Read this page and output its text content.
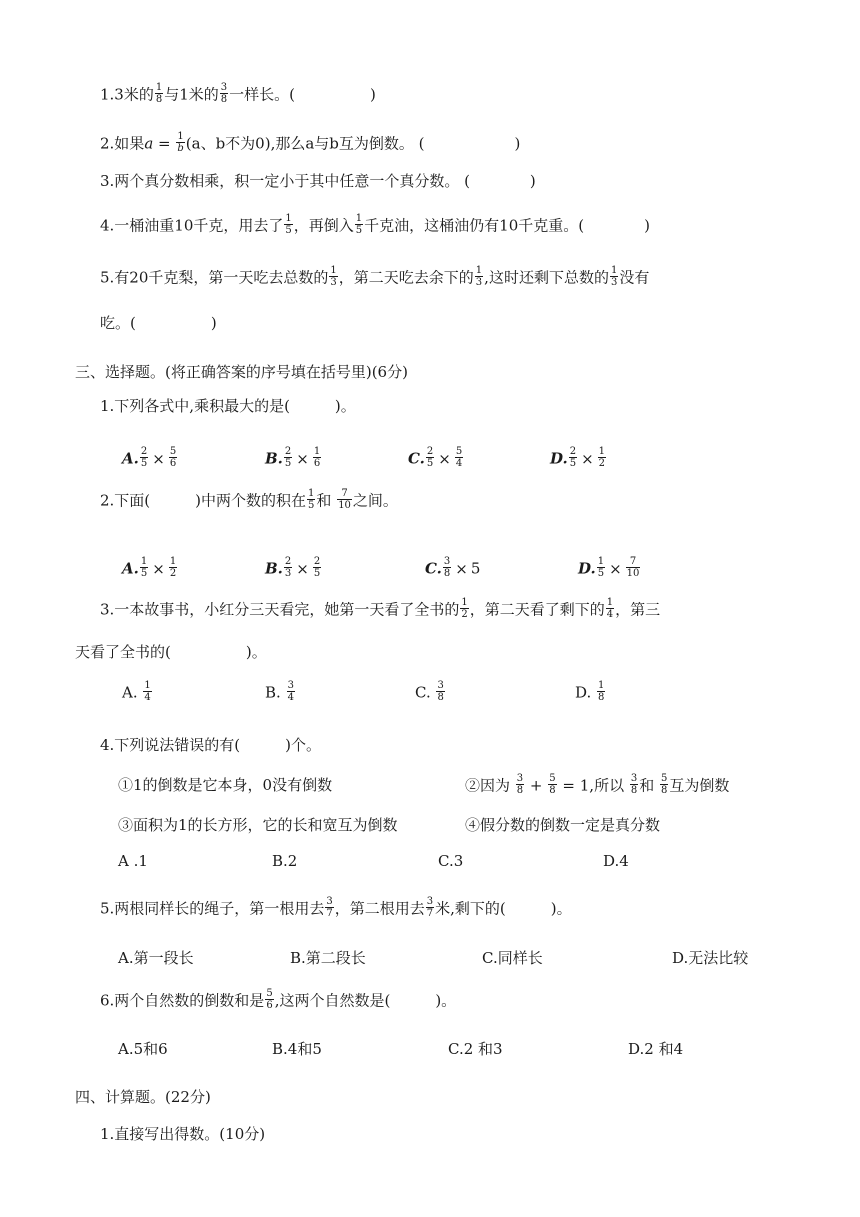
1.3米的 $\frac{1}{8}$ 与1米的 $\frac{3}{8}$ 一样长。(　　　　　)
2.如果$a = \frac{1}{b} (a$、b不为0),那么a与b互为倒数。 (　　　　　　)
3.两个真分数相乘，积一定小于其中任意一个真分数。 (　　　　)
4.一桶油重10千克，用去了 $\frac{1}{5}$ ，再倒入 $\frac{1}{5}$ 千克油，这桶油仍有10千克重。(　　　　)
5.有20千克梨，第一天吃去总数的 $\frac{1}{3}$ ，第二天吃去余下的 $\frac{1}{3}$ ,这时还剩下总数的 $\frac{1}{3}$ 没有
吃。(　　　　　)
三、选择题。(将正确答案的序号填在括号里)(6分)
1.下列各式中,乘积最大的是(　　　)。
A. $\frac{2}{5} \times \frac{5}{6}$	B. $\frac{2}{5} \times \frac{1}{6}$	C. $\frac{2}{5} \times \frac{5}{4}$	D. $\frac{2}{5} \times \frac{1}{2}$
2.下面(　　　)中两个数的积在 $\frac{1}{5}$ 和 $\frac{7}{10}$ 之间。
A. $\frac{1}{5} \times \frac{1}{2}$	B. $\frac{2}{3} \times \frac{2}{5}$	C. $\frac{3}{8} \times 5$	D. $\frac{1}{5} \times \frac{7}{10}$
3.一本故事书，小红分三天看完，她第一天看了全书的 $\frac{1}{2}$ ，第二天看了剩下的 $\frac{1}{4}$ ，第三
天看了全书的(　　　　　)。
A. $\frac{1}{4}$	B. $\frac{3}{4}$	C. $\frac{3}{8}$	D. $\frac{1}{8}$
4.下列说法错误的有(　　　)个。
①1的倒数是它本身，0没有倒数	②因为 $\frac{3}{8} + \frac{5}{8} = 1$,所以 $\frac{3}{8}$ 和 $\frac{5}{8}$ 互为倒数
③面积为1的长方形，它的长和宽互为倒数	④假分数的倒数一定是真分数
A .1	B.2	C.3	D.4
5.两根同样长的绳子，第一根用去 $\frac{3}{7}$ ，第二根用去 $\frac{3}{7}$ 米,剩下的(　　　)。
A.第一段长	B.第二段长	C.同样长	D.无法比较
6.两个自然数的倒数和是 $\frac{5}{6}$ ,这两个自然数是(　　　)。
A.5和6	B.4和5	C.2 和3	D.2 和4
四、计算题。(22分)
1.直接写出得数。(10分)
